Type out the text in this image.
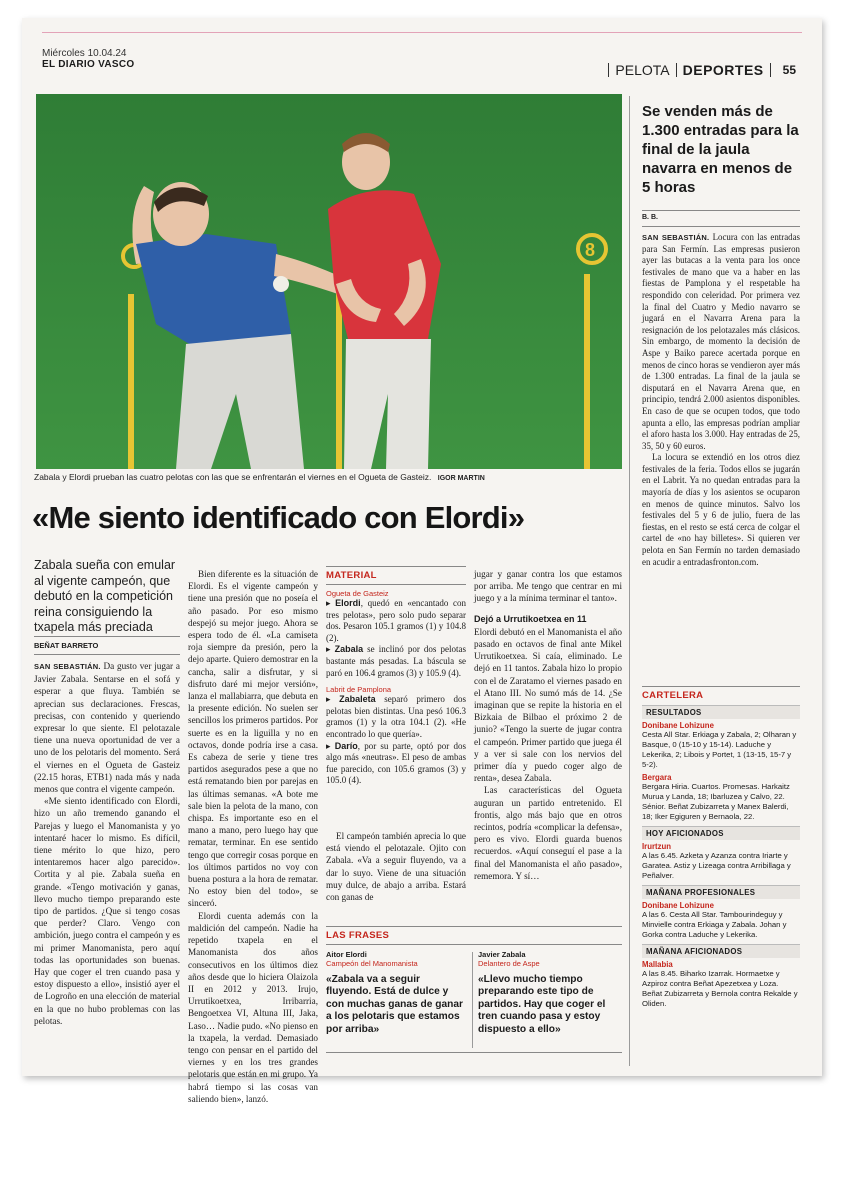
Miércoles 10.04.24
EL DIARIO VASCO	PELOTA DEPORTES 55
8
Zabala y Elordi prueban las cuatro pelotas con las que se enfrentarán el viernes en el Ogueta de Gasteiz. IGOR MARTIN
«Me siento identificado con Elordi»
Zabala sueña con emular al vigente campeón, que debutó en la competición reina consiguiendo la txapela más preciada
BEÑAT BARRETO

SAN SEBASTIÁN. Da gusto ver jugar a Javier Zabala. Sentarse en el sofá y esperar a que fluya. También se aprecian sus declaraciones. Frescas, precisas, con contenido y queriendo expresar lo que siente. El pelotazale tiene una nueva oportunidad de ver a uno de los pelotaris del momento. Será el viernes en el Ogueta de Gasteiz (22.15 horas, ETB1) nada más y nada menos que contra el vigente campeón.

«Me siento identificado con Elordi, hizo un año tremendo ganando el Parejas y luego el Manomanista y yo intentaré hacer lo mismo. Es difícil, tiene mérito lo que hizo, pero intentaremos hacer algo parecido». Cortita y al pie. Zabala sueña en grande. «Tengo motivación y ganas, llevo mucho tiempo preparando este tipo de partidos. ¿Que si tengo cosas que perder? Claro. Vengo con ambición, juego contra el campeón y es mi primer Manomanista, pero aquí todas las oportunidades son buenas. Hay que coger el tren cuando pasa y estoy dispuesto a ello», insistió ayer el de Logroño en una elección de material en la que no hubo problemas con las pelotas.

Bien diferente es la situación de Elordi. Es el vigente campeón y tiene una presión que no poseía el año pasado. Por eso mismo despejó su mejor juego. Ahora se espera todo de él. «La camiseta roja siempre da presión, pero la dejo aparte. Quiero demostrar en la cancha, salir a disfrutar, y si disfruto daré mi mejor versión», lanza el mallabiarra, que debuta en la presente edición. No suelen ser sencillos los primeros partidos. Por suerte es en la liguilla y no en octavos, donde podría irse a casa. Es cabeza de serie y tiene tres partidos asegurados pese a que no está rematando bien por parejas en las últimas semanas. «A bote me sale bien la pelota de la mano, con chispa. Es importante eso en el mano a mano, pero luego hay que rematar, terminar. En ese sentido tengo que corregir cosas porque en los últimos partidos no voy con buena postura a la hora de rematar. No estoy bien del todo», se sinceró.

Elordi cuenta además con la maldición del campeón. Nadie ha repetido txapela en el Manomanista dos años consecutivos en los últimos diez años desde que lo hiciera Olaizola II en 2012 y 2013. Irujo, Urrutikoetxea, Irribarria, Bengoetxea VI, Altuna III, Jaka, Laso… Nadie pudo. «No pienso en la txapela, la verdad. Demasiado tengo con pensar en el partido del viernes y en los tres grandes pelotaris que están en mi grupo. Ya habrá tiempo si las cosas van saliendo bien», lanzó.

MATERIAL
Ogueta de Gasteiz

▸ Elordi, quedó en «encantado con tres pelotas», pero solo pudo separar dos. Pesaron 105.1 gramos (1) y 104.8 (2).

▸ Zabala se inclinó por dos pelotas bastante más pesadas. La báscula se paró en 106.4 gramos (3) y 105.9 (4).

Labrit de Pamplona

▸ Zabaleta separó primero dos pelotas bien distintas. Una pesó 106.3 gramos (1) y la otra 104.1 (2). «He encontrado lo que quería».

▸ Darío, por su parte, optó por dos algo más «neutras». El peso de ambas fue parecido, con 105.6 gramos (3) y 105.0 (4).

El campeón también aprecia lo que está viendo el pelotazale. Ojito con Zabala. «Va a seguir fluyendo, va a dar lo suyo. Viene de una situación muy dulce, de abajo a arriba. Estará con ganas de

jugar y ganar contra los que estamos por arriba. Me tengo que centrar en mi juego y a la mínima terminar el tanto».

Dejó a Urrutikoetxea en 11

Elordi debutó en el Manomanista el año pasado en octavos de final ante Mikel Urrutikoetxea. Si caía, eliminado. Le dejó en 11 tantos. Zabala hizo lo propio con el de Zaratamo el viernes pasado en el Atano III. No sumó más de 14. ¿Se imaginan que se repite la historia en el Bizkaia de Bilbao el próximo 2 de junio? «Tengo la suerte de jugar contra el campeón. Primer partido que juega él y a ver si sale con los nervios del primer día y puedo coger algo de renta», desea Zabala.

Las características del Ogueta auguran un partido entretenido. El frontis, algo más bajo que en otros recintos, podría «complicar la defensa», pero es vivo. Elordi guarda buenos recuerdos. «Aquí conseguí el pase a la final del Manomanista el año pasado», rememora. Y sí…

LAS FRASES
Aitor Elordi
Campeón del Manomanista
«Zabala va a seguir fluyendo. Está de dulce y con muchas ganas de ganar a los pelotaris que estamos por arriba»
Javier Zabala
Delantero de Aspe
«Llevo mucho tiempo preparando este tipo de partidos. Hay que coger el tren cuando pasa y estoy dispuesto a ello»
Se venden más de 1.300 entradas para la final de la jaula navarra en menos de 5 horas
B. B.

SAN SEBASTIÁN. Locura con las entradas para San Fermín. Las empresas pusieron ayer las butacas a la venta para los once festivales de mano que va a haber en las fiestas de Pamplona y el respetable ha respondido con celeridad. Por primera vez la final del Cuatro y Medio navarro se jugará en el Navarra Arena para la resignación de los pelotazales más clásicos. Sin embargo, de momento la decisión de Aspe y Baiko parece acertada porque en menos de cinco horas se vendieron ayer más de 1.300 entradas. La final de la jaula se disputará en el Navarra Arena que, en principio, tendrá 2.000 asientos disponibles. En caso de que se ocupen todos, que todo apunta a ello, las empresas podrían ampliar el aforo hasta los 3.000. Hay entradas de 25, 35, 50 y 60 euros.

La locura se extendió en los otros diez festivales de la feria. Todos ellos se jugarán en el Labrit. Ya no quedan entradas para la mayoría de días y los asientos se ocuparon en menos de quince minutos. Salvo los festivales del 5 y 6 de julio, fuera de las fiestas, en el resto se está cerca de colgar el cartel de «no hay billetes». Si quieren ver pelota en San Fermín no tarden demasiado en acudir a entradasfronton.com.

CARTELERA
RESULTADOS
Donibane Lohizune

Cesta All Star. Erkiaga y Zabala, 2; Olharan y Basque, 0 (15-10 y 15-14). Laduche y Lekerika, 2; Libois y Portet, 1 (13-15, 15-7 y 5-2).

Bergara

Bergara Hiria. Cuartos. Promesas. Harkaitz Murua y Landa, 18; Ibarluzea y Calvo, 22. Sénior. Beñat Zubizarreta y Manex Balerdi, 18; Iker Egiguren y Bernaola, 22.

HOY AFICIONADOS
Irurtzun

A las 6.45. Azketa y Azanza contra Iriarte y Garatea. Astiz y Lizeaga contra Arribillaga y Peñalver.

MAÑANA PROFESIONALES
Donibane Lohizune

A las 6. Cesta All Star. Tambourindeguy y Minvielle contra Erkiaga y Zabala. Johan y Gorka contra Laduche y Lekerika.

MAÑANA AFICIONADOS
Mallabia

A las 8.45. Biharko Izarrak. Hormaetxe y Azpiroz contra Beñat Apezetxea y Loza. Beñat Zubizarreta y Bernola contra Rekalde y Oliden.
